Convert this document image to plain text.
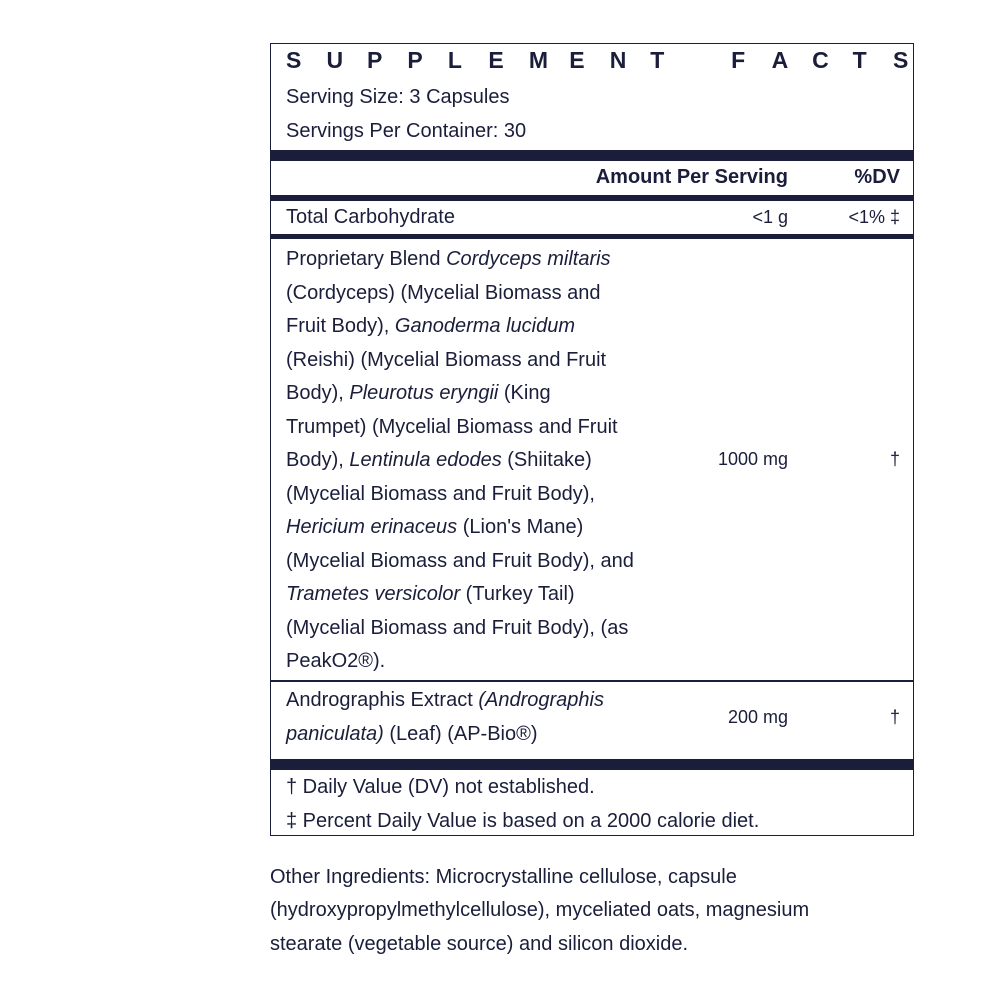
S U P P L E M E N T	F A C T S
Serving Size: 3 Capsules
Servings Per Container: 30
Amount Per Serving	%DV
Total Carbohydrate	<1 g	<1% ‡
Proprietary Blend Cordyceps miltaris
(Cordyceps) (Mycelial Biomass and
Fruit Body), Ganoderma lucidum
(Reishi) (Mycelial Biomass and Fruit
Body), Pleurotus eryngii (King
Trumpet) (Mycelial Biomass and Fruit
Body), Lentinula edodes (Shiitake)
(Mycelial Biomass and Fruit Body),
Hericium erinaceus (Lion's Mane)
(Mycelial Biomass and Fruit Body), and
Trametes versicolor (Turkey Tail)
(Mycelial Biomass and Fruit Body), (as
PeakO2®).
1000 mg	†
Andrographis Extract (Andrographis
paniculata) (Leaf) (AP-Bio®)
200 mg	†
† Daily Value (DV) not established.
‡ Percent Daily Value is based on a 2000 calorie diet.
Other Ingredients: Microcrystalline cellulose, capsule
(hydroxypropylmethylcellulose), myceliated oats, magnesium
stearate (vegetable source) and silicon dioxide.
